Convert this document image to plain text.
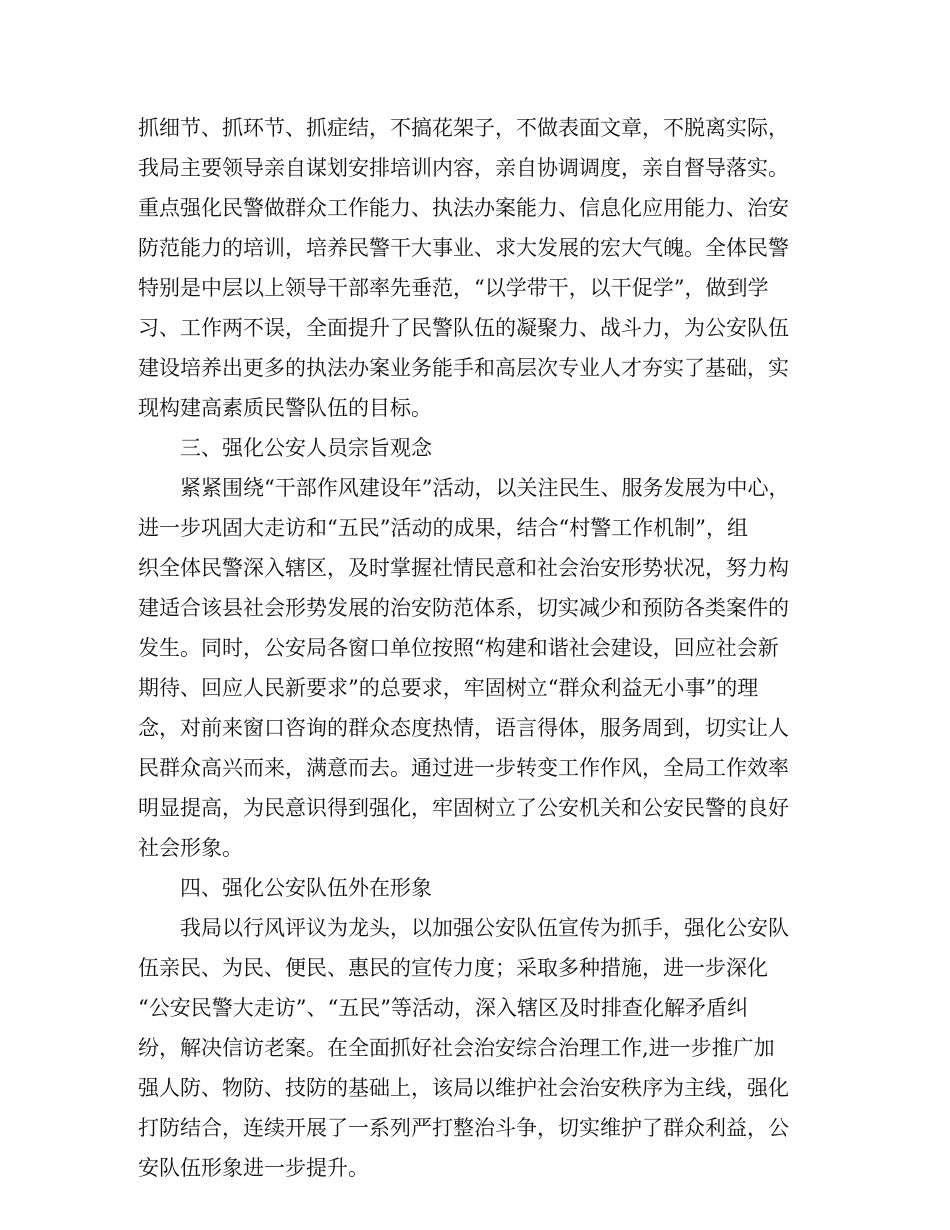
抓细节、抓环节、抓症结，不搞花架子，不做表面文章，不脱离实际，
我局主要领导亲自谋划安排培训内容，亲自协调调度，亲自督导落实。
重点强化民警做群众工作能力、执法办案能力、信息化应用能力、治安
防范能力的培训，培养民警干大事业、求大发展的宏大气魄。全体民警
特别是中层以上领导干部率先垂范，“以学带干，以干促学”，做到学
习、工作两不误，全面提升了民警队伍的凝聚力、战斗力，为公安队伍
建设培养出更多的执法办案业务能手和高层次专业人才夯实了基础，实
现构建高素质民警队伍的目标。
三、强化公安人员宗旨观念
紧紧围绕“干部作风建设年”活动，以关注民生、服务发展为中心，
进一步巩固大走访和“五民”活动的成果，结合“村警工作机制”，组
织全体民警深入辖区，及时掌握社情民意和社会治安形势状况，努力构
建适合该县社会形势发展的治安防范体系，切实减少和预防各类案件的
发生。同时，公安局各窗口单位按照“构建和谐社会建设，回应社会新
期待、回应人民新要求”的总要求，牢固树立“群众利益无小事”的理
念，对前来窗口咨询的群众态度热情，语言得体，服务周到，切实让人
民群众高兴而来，满意而去。通过进一步转变工作作风，全局工作效率
明显提高，为民意识得到强化，牢固树立了公安机关和公安民警的良好
社会形象。
四、强化公安队伍外在形象
我局以行风评议为龙头，以加强公安队伍宣传为抓手，强化公安队
伍亲民、为民、便民、惠民的宣传力度；采取多种措施，进一步深化
“公安民警大走访”、“五民”等活动，深入辖区及时排查化解矛盾纠
纷，解决信访老案。在全面抓好社会治安综合治理工作,进一步推广加
强人防、物防、技防的基础上，该局以维护社会治安秩序为主线，强化
打防结合，连续开展了一系列严打整治斗争，切实维护了群众利益，公
安队伍形象进一步提升。
